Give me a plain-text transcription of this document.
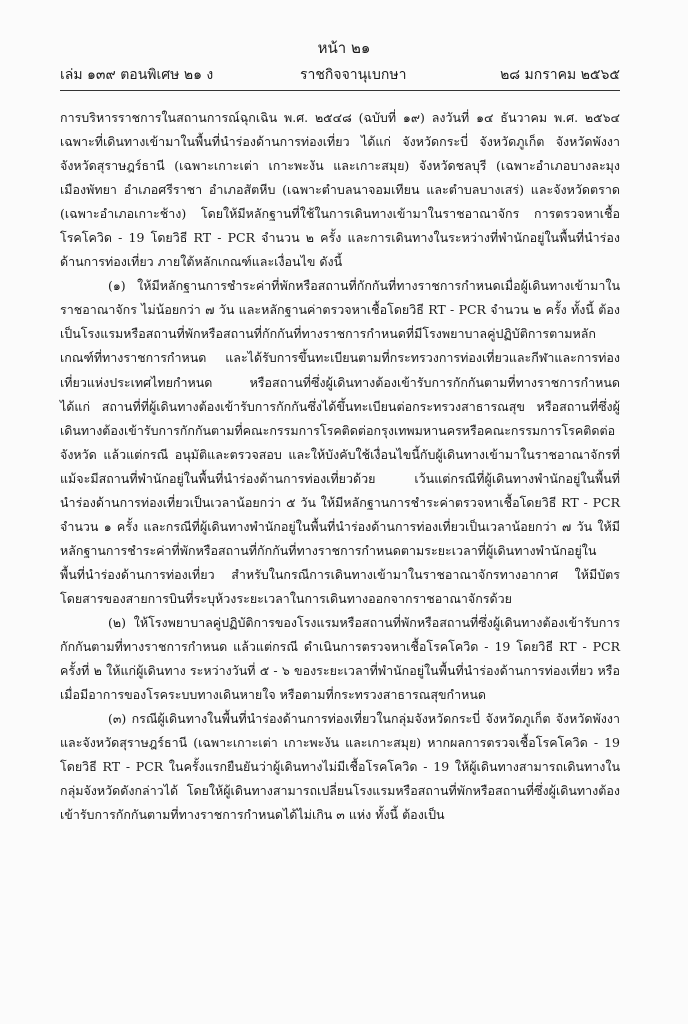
หน้า ๒๑
เล่ม ๑๓๙ ตอนพิเศษ ๒๑ ง	ราชกิจจานุเบกษา	๒๘ มกราคม ๒๕๖๕

การบริหารราชการในสถานการณ์ฉุกเฉิน พ.ศ. ๒๕๔๘ (ฉบับที่ ๑๙) ลงวันที่ ๑๔ ธันวาคม พ.ศ. ๒๕๖๔ เฉพาะที่เดินทางเข้ามาในพื้นที่นำร่องด้านการท่องเที่ยว ได้แก่ จังหวัดกระบี่ จังหวัดภูเก็ต จังหวัดพังงา จังหวัดสุราษฎร์ธานี (เฉพาะเกาะเต่า เกาะพะงัน และเกาะสมุย) จังหวัดชลบุรี (เฉพาะอำเภอบางละมุง เมืองพัทยา อำเภอศรีราชา อำเภอสัตหีบ (เฉพาะตำบลนาจอมเทียน และตำบลบางเสร่) และจังหวัดตราด (เฉพาะอำเภอเกาะช้าง) โดยให้มีหลักฐานที่ใช้ในการเดินทางเข้ามาในราชอาณาจักร การตรวจหาเชื้อโรคโควิด - 19 โดยวิธี RT - PCR จำนวน ๒ ครั้ง และการเดินทางในระหว่างที่พำนักอยู่ในพื้นที่นำร่องด้านการท่องเที่ยว ภายใต้หลักเกณฑ์และเงื่อนไข ดังนี้

(๑) ให้มีหลักฐานการชำระค่าที่พักหรือสถานที่กักกันที่ทางราชการกำหนดเมื่อผู้เดินทางเข้ามาในราชอาณาจักร ไม่น้อยกว่า ๗ วัน และหลักฐานค่าตรวจหาเชื้อโดยวิธี RT - PCR จำนวน ๒ ครั้ง ทั้งนี้ ต้องเป็นโรงแรมหรือสถานที่พักหรือสถานที่กักกันที่ทางราชการกำหนดที่มีโรงพยาบาลคู่ปฏิบัติการตามหลักเกณฑ์ที่ทางราชการกำหนด และได้รับการขึ้นทะเบียนตามที่กระทรวงการท่องเที่ยวและกีฬาและการท่องเที่ยวแห่งประเทศไทยกำหนด หรือสถานที่ซึ่งผู้เดินทางต้องเข้ารับการกักกันตามที่ทางราชการกำหนด ได้แก่ สถานที่ที่ผู้เดินทางต้องเข้ารับการกักกันซึ่งได้ขึ้นทะเบียนต่อกระทรวงสาธารณสุข หรือสถานที่ซึ่งผู้เดินทางต้องเข้ารับการกักกันตามที่คณะกรรมการโรคติดต่อกรุงเทพมหานครหรือคณะกรรมการโรคติดต่อจังหวัด แล้วแต่กรณี อนุมัติและตรวจสอบ และให้บังคับใช้เงื่อนไขนี้กับผู้เดินทางเข้ามาในราชอาณาจักรที่แม้จะมีสถานที่พำนักอยู่ในพื้นที่นำร่องด้านการท่องเที่ยวด้วย เว้นแต่กรณีที่ผู้เดินทางพำนักอยู่ในพื้นที่นำร่องด้านการท่องเที่ยวเป็นเวลาน้อยกว่า ๕ วัน ให้มีหลักฐานการชำระค่าตรวจหาเชื้อโดยวิธี RT - PCR จำนวน ๑ ครั้ง และกรณีที่ผู้เดินทางพำนักอยู่ในพื้นที่นำร่องด้านการท่องเที่ยวเป็นเวลาน้อยกว่า ๗ วัน ให้มีหลักฐานการชำระค่าที่พักหรือสถานที่กักกันที่ทางราชการกำหนดตามระยะเวลาที่ผู้เดินทางพำนักอยู่ในพื้นที่นำร่องด้านการท่องเที่ยว สำหรับในกรณีการเดินทางเข้ามาในราชอาณาจักรทางอากาศ ให้มีบัตรโดยสารของสายการบินที่ระบุห้วงระยะเวลาในการเดินทางออกจากราชอาณาจักรด้วย

(๒) ให้โรงพยาบาลคู่ปฏิบัติการของโรงแรมหรือสถานที่พักหรือสถานที่ซึ่งผู้เดินทางต้องเข้ารับการกักกันตามที่ทางราชการกำหนด แล้วแต่กรณี ดำเนินการตรวจหาเชื้อโรคโควิด - 19 โดยวิธี RT - PCR ครั้งที่ ๒ ให้แก่ผู้เดินทาง ระหว่างวันที่ ๕ - ๖ ของระยะเวลาที่พำนักอยู่ในพื้นที่นำร่องด้านการท่องเที่ยว หรือเมื่อมีอาการของโรคระบบทางเดินหายใจ หรือตามที่กระทรวงสาธารณสุขกำหนด

(๓) กรณีผู้เดินทางในพื้นที่นำร่องด้านการท่องเที่ยวในกลุ่มจังหวัดกระบี่ จังหวัดภูเก็ต จังหวัดพังงา และจังหวัดสุราษฎร์ธานี (เฉพาะเกาะเต่า เกาะพะงัน และเกาะสมุย) หากผลการตรวจเชื้อโรคโควิด - 19 โดยวิธี RT - PCR ในครั้งแรกยืนยันว่าผู้เดินทางไม่มีเชื้อโรคโควิด - 19 ให้ผู้เดินทางสามารถเดินทางในกลุ่มจังหวัดดังกล่าวได้ โดยให้ผู้เดินทางสามารถเปลี่ยนโรงแรมหรือสถานที่พักหรือสถานที่ซึ่งผู้เดินทางต้องเข้ารับการกักกันตามที่ทางราชการกำหนดได้ไม่เกิน ๓ แห่ง ทั้งนี้ ต้องเป็น
